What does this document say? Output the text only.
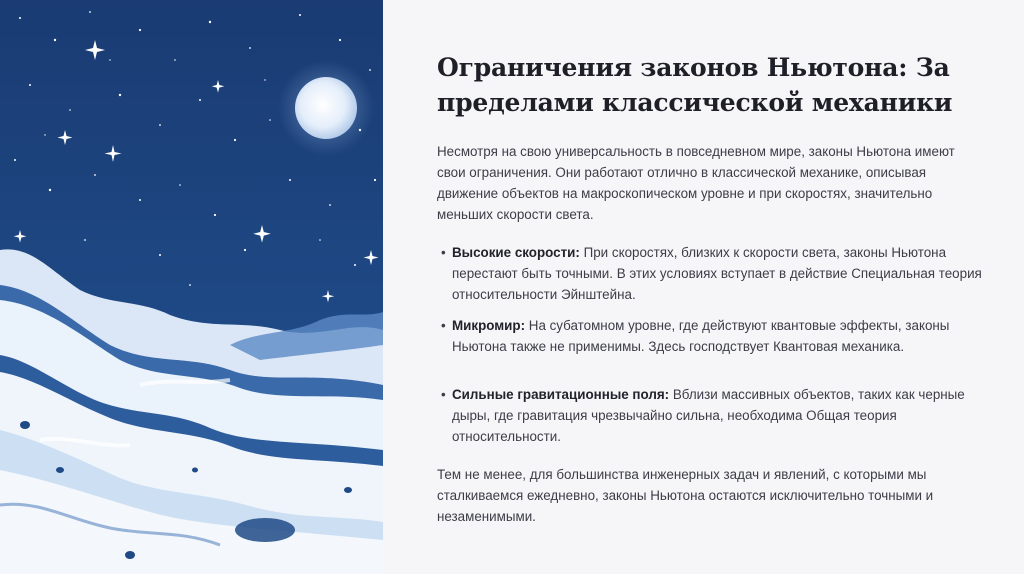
Ограничения законов Ньютона: За пределами классической механики

Несмотря на свою универсальность в повседневном мире, законы Ньютона имеют свои ограничения. Они работают отлично в классической механике, описывая движение объектов на макроскопическом уровне и при скоростях, значительно меньших скорости света.

• Высокие скорости: При скоростях, близких к скорости света, законы Ньютона перестают быть точными. В этих условиях вступает в действие Специальная теория относительности Эйнштейна.
• Микромир: На субатомном уровне, где действуют квантовые эффекты, законы Ньютона также не применимы. Здесь господствует Квантовая механика.
• Сильные гравитационные поля: Вблизи массивных объектов, таких как черные дыры, где гравитация чрезвычайно сильна, необходима Общая теория относительности.

Тем не менее, для большинства инженерных задач и явлений, с которыми мы сталкиваемся ежедневно, законы Ньютона остаются исключительно точными и незаменимыми.
